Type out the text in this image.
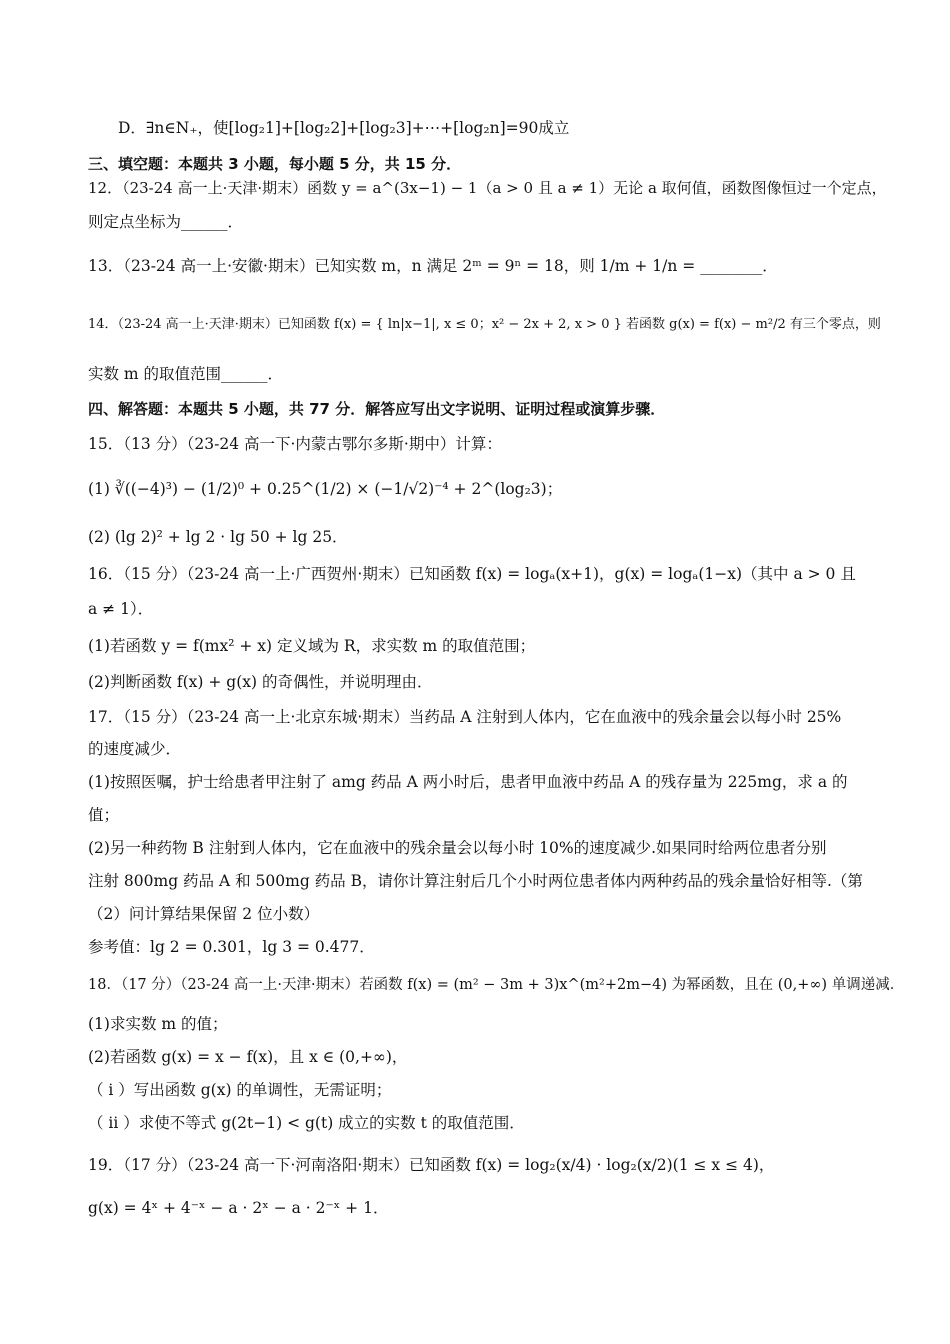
D．∃n∈N₊，使[log₂1]+[log₂2]+[log₂3]+⋯+[log₂n]=90成立
三、填空题：本题共 3 小题，每小题 5 分，共 15 分．
12．（23-24 高一上·天津·期末）函数 y = a^(3x−1) − 1（a > 0 且 a ≠ 1）无论 a 取何值，函数图像恒过一个定点，
则定点坐标为______．
13．（23-24 高一上·安徽·期末）已知实数 m，n 满足 2ᵐ = 9ⁿ = 18，则 1/m + 1/n = ________．
14．（23-24 高一上·天津·期末）已知函数 f(x) = { ln|x−1|, x ≤ 0；x² − 2x + 2, x > 0 } 若函数 g(x) = f(x) − m²/2 有三个零点，则
实数 m 的取值范围______．
四、解答题：本题共 5 小题，共 77 分．解答应写出文字说明、证明过程或演算步骤．
15．（13 分）（23-24 高一下·内蒙古鄂尔多斯·期中）计算：
(1) ∛((−4)³) − (1/2)⁰ + 0.25^(1/2) × (−1/√2)⁻⁴ + 2^(log₂3)；
(2) (lg 2)² + lg 2 · lg 50 + lg 25．
16．（15 分）（23-24 高一上·广西贺州·期末）已知函数 f(x) = logₐ(x+1)，g(x) = logₐ(1−x)（其中 a > 0 且
a ≠ 1）．
(1)若函数 y = f(mx² + x) 定义域为 R，求实数 m 的取值范围；
(2)判断函数 f(x) + g(x) 的奇偶性，并说明理由．
17．（15 分）（23-24 高一上·北京东城·期末）当药品 A 注射到人体内，它在血液中的残余量会以每小时 25%
的速度减少．
(1)按照医嘱，护士给患者甲注射了 amg 药品 A 两小时后，患者甲血液中药品 A 的残存量为 225mg，求 a 的
值；
(2)另一种药物 B 注射到人体内，它在血液中的残余量会以每小时 10%的速度减少.如果同时给两位患者分别
注射 800mg 药品 A 和 500mg 药品 B，请你计算注射后几个小时两位患者体内两种药品的残余量恰好相等.（第
（2）问计算结果保留 2 位小数）
参考值：lg 2 = 0.301，lg 3 = 0.477．
18．（17 分）（23-24 高一上·天津·期末）若函数 f(x) = (m² − 3m + 3)x^(m²+2m−4) 为幂函数，且在 (0,+∞) 单调递减．
(1)求实数 m 的值；
(2)若函数 g(x) = x − f(x)，且 x ∈ (0,+∞)，
（ i ）写出函数 g(x) 的单调性，无需证明；
（ ii ）求使不等式 g(2t−1) < g(t) 成立的实数 t 的取值范围．
19．（17 分）（23-24 高一下·河南洛阳·期末）已知函数 f(x) = log₂(x/4) · log₂(x/2)(1 ≤ x ≤ 4)，
g(x) = 4ˣ + 4⁻ˣ − a · 2ˣ − a · 2⁻ˣ + 1．
